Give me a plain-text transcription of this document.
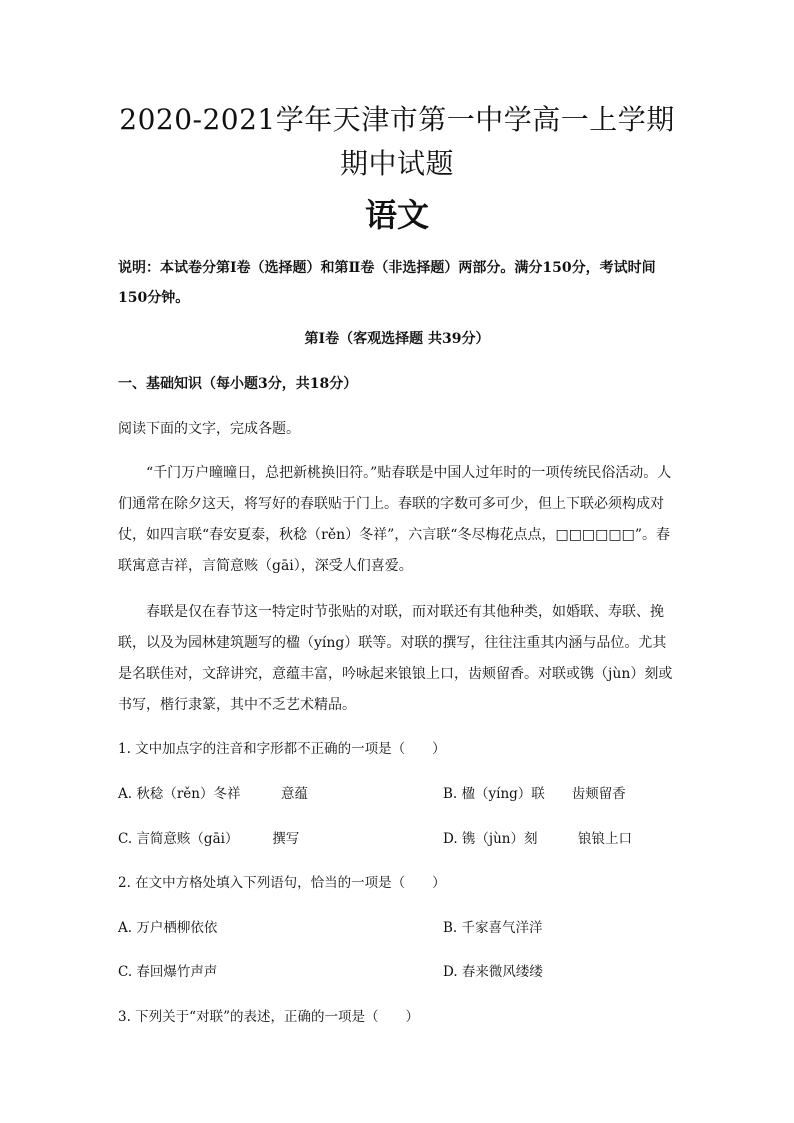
2020-2021学年天津市第一中学高一上学期期中试题
语文
说明：本试卷分第Ⅰ卷（选择题）和第Ⅱ卷（非选择题）两部分。满分150分，考试时间150分钟。
第Ⅰ卷（客观选择题 共39分）
一、基础知识（每小题3分，共18分）
阅读下面的文字，完成各题。
“千门万户曈曈日，总把新桃换旧符。”贴春联是中国人过年时的一项传统民俗活动。人们通常在除夕这天，将写好的春联贴于门上。春联的字数可多可少，但上下联必须构成对仗，如四言联“春安夏泰，秋稔（rěn）冬祥”，六言联“冬尽梅花点点，□□□□□□”。春联寓意吉祥，言简意赅（gāi），深受人们喜爱。
春联是仅在春节这一特定时节张贴的对联，而对联还有其他种类，如婚联、寿联、挽联，以及为园林建筑题写的楹（yíng）联等。对联的撰写，往往注重其内涵与品位。尤其是名联佳对，文辞讲究，意蕴丰富，吟咏起来锒锒上口，齿颊留香。对联或镌（jùn）刻或书写，楷行隶篆，其中不乏艺术精品。
1. 文中加点字的注音和字形都不正确的一项是（　　）
A. 秋稔（rěn）冬祥　　　意蕴	B. 楹（yíng）联　　齿颊留香
C. 言简意赅（gāi）　　　撰写	D. 镌（jùn）刻　　　锒锒上口
2. 在文中方格处填入下列语句，恰当的一项是（　　）
A. 万户栖柳依依	B. 千家喜气洋洋
C. 春回爆竹声声	D. 春来微风缕缕
3. 下列关于“对联”的表述，正确的一项是（　　）
